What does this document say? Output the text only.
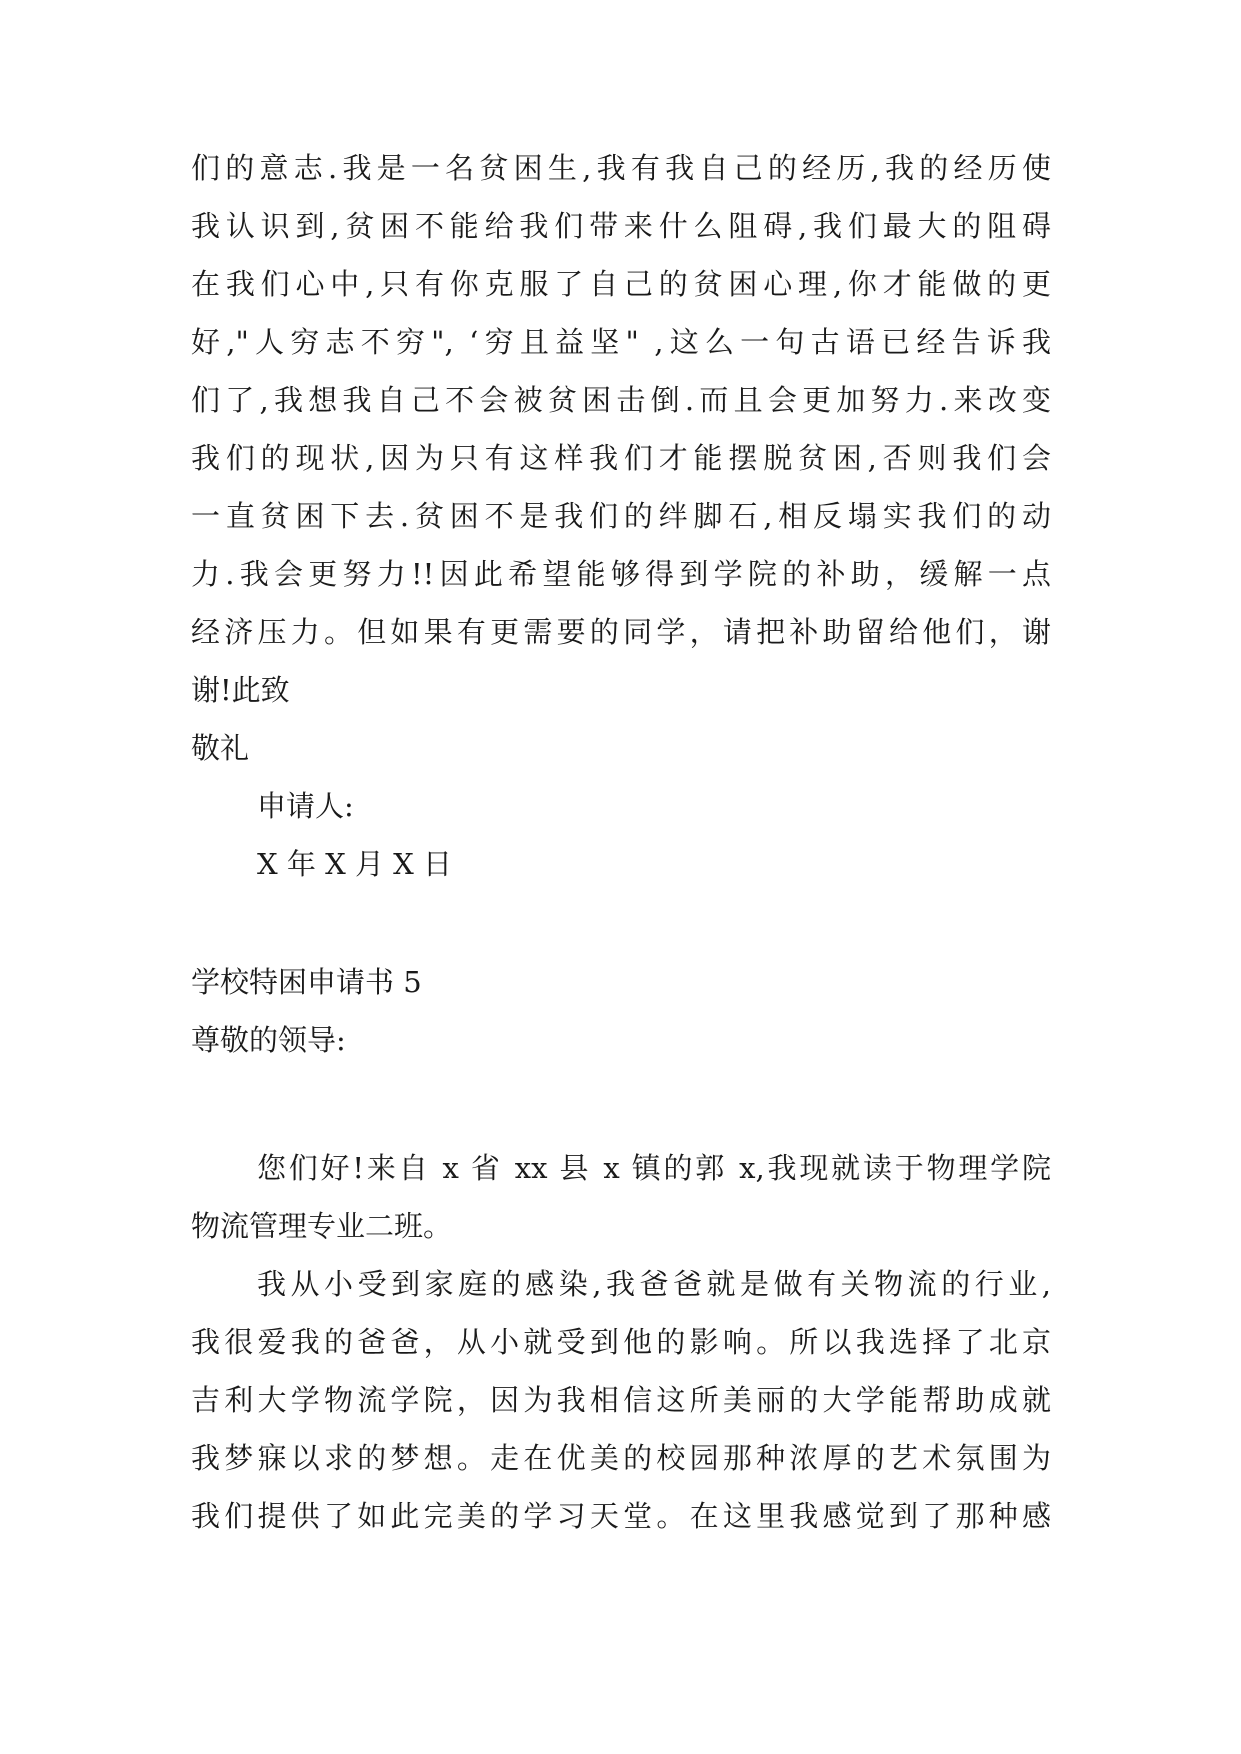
们的意志.我是一名贫困生,我有我自己的经历,我的经历使
我认识到,贫困不能给我们带来什么阻碍,我们最大的阻碍
在我们心中,只有你克服了自己的贫困心理,你才能做的更
好,"人穷志不穷", ‘穷且益坚" ,这么一句古语已经告诉我
们了,我想我自己不会被贫困击倒.而且会更加努力.来改变
我们的现状,因为只有这样我们才能摆脱贫困,否则我们会
一直贫困下去.贫困不是我们的绊脚石,相反塌实我们的动
力.我会更努力!!因此希望能够得到学院的补助，缓解一点
经济压力。但如果有更需要的同学，请把补助留给他们，谢
谢!此致
敬礼
申请人:
X 年 X 月 X 日
学校特困申请书 5
尊敬的领导:
您们好!来自 x 省 xx 县 x 镇的郭 x,我现就读于物理学院
物流管理专业二班。
我从小受到家庭的感染,我爸爸就是做有关物流的行业,
我很爱我的爸爸，从小就受到他的影响。所以我选择了北京
吉利大学物流学院，因为我相信这所美丽的大学能帮助成就
我梦寐以求的梦想。走在优美的校园那种浓厚的艺术氛围为
我们提供了如此完美的学习天堂。在这里我感觉到了那种感
